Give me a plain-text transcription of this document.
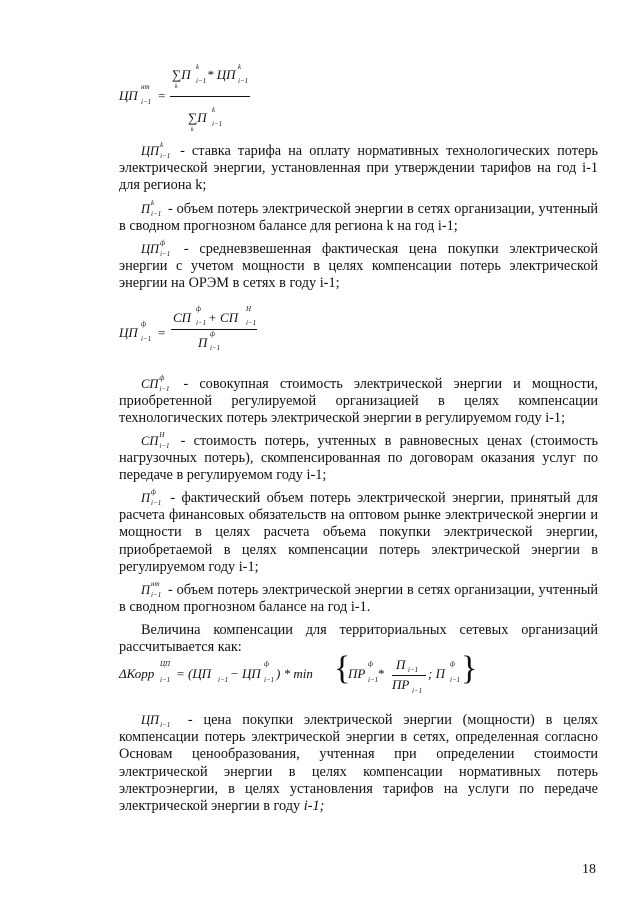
ЦП
нт
i−1 =
∑П k
i−1 * ЦП k
i−1
k
∑П k
i−1
k
ЦП k
i−1 - ставка тарифа на оплату нормативных технологических потерь электрической энергии, установленная при утверждении тарифов на год i-1 для региона k;
П k
i−1 - объем потерь электрической энергии в сетях организации, учтенный в сводном прогнозном балансе для региона k на год i-1;
ЦП ф
i−1 - средневзвешенная фактическая цена покупки электрической энергии с учетом мощности в целях компенсации потерь электрической энергии на ОРЭМ в сетях в году i-1;
ЦП
ф
i−1 =
СП
ф
i−1 + СП
Н
i−1
П
ф
i−1
СП ф
i−1 - совокупная стоимость электрической энергии и мощности, приобретенной регулируемой организацией в целях компенсации технологических потерь электрической энергии в регулируемом году i-1;
СП Н
i−1 - стоимость потерь, учтенных в равновесных ценах (стоимость нагрузочных потерь), скомпенсированная по договорам оказания услуг по передаче в регулируемом году i-1;
П ф
i−1 - фактический объем потерь электрической энергии, принятый для расчета финансовых обязательств на оптовом рынке электрической энергии и мощности в целях расчета объема покупки электрической энергии, приобретаемой в целях компенсации потерь электрической энергии в регулируемом году i-1;
П нт
i−1 - объем потерь электрической энергии в сетях организации, учтенный в сводном прогнозном балансе на год i-1.
Величина компенсации для территориальных сетевых организаций рассчитывается как:
ΔКорр
ЦП
i−1 = (ЦП i−1 − ЦП
ф
i−1 ) * min {
ПР
ф
i−1 *
П i−1
ПР i−1
; П
ф
i−1 }
ЦП i−1 - цена покупки электрической энергии (мощности) в целях компенсации потерь электрической энергии в сетях, определенная согласно Основам ценообразования, учтенная при определении стоимости электрической энергии в целях компенсации нормативных потерь электроэнергии, в целях установления тарифов на услуги по передаче электрической энергии в году i-1;
18
